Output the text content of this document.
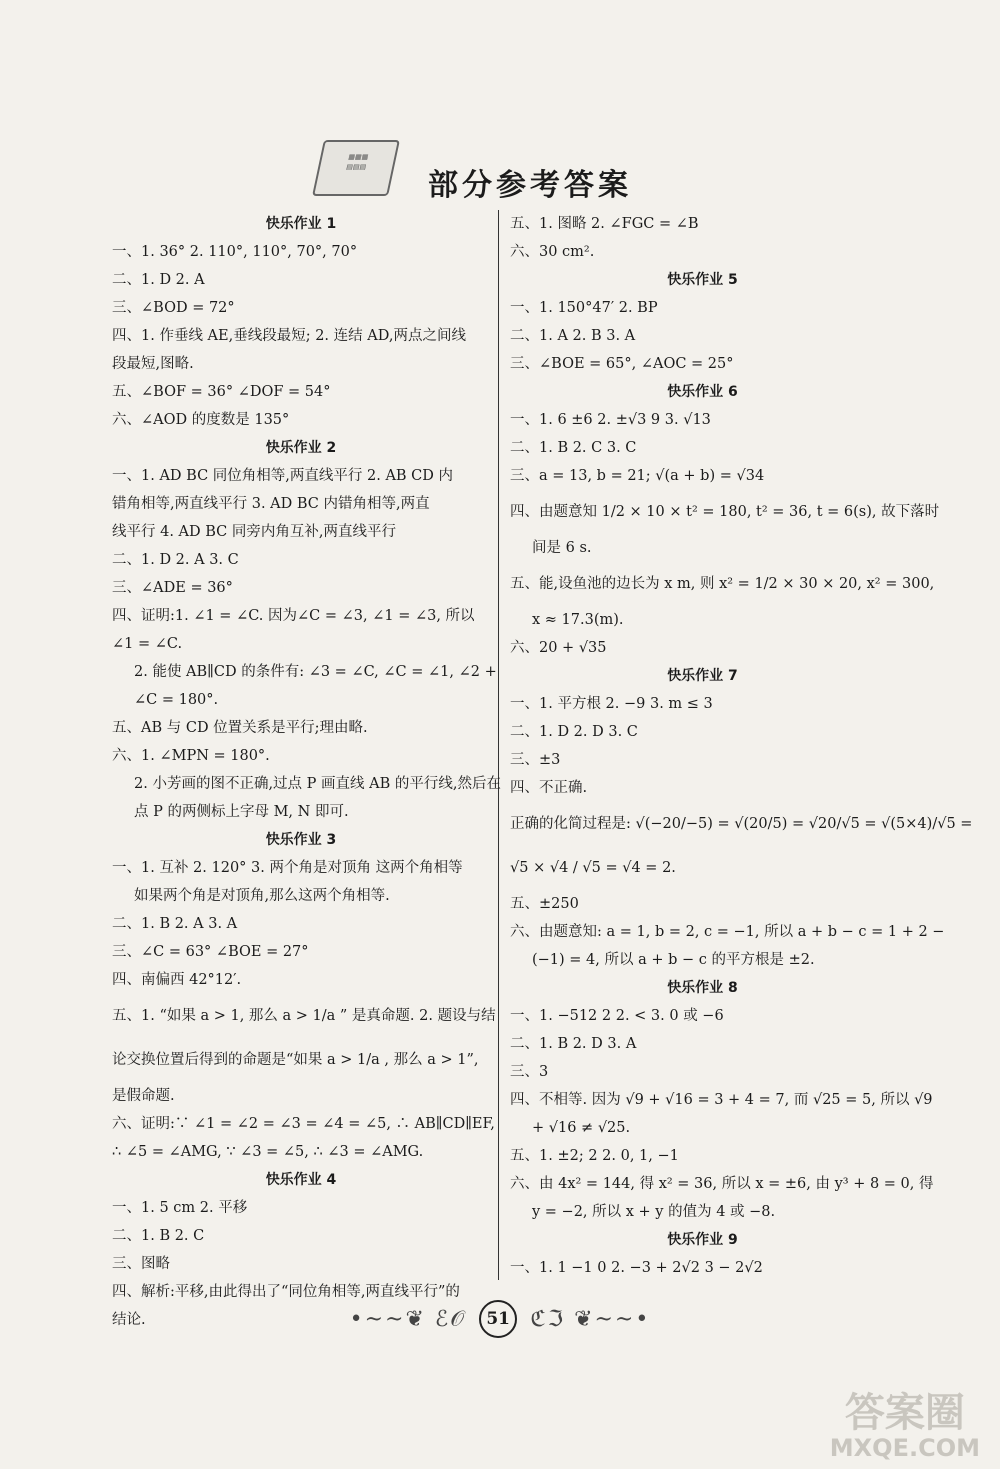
▦▦▦
▤▤▤
部分参考答案
快乐作业 1
一、1. 36° 2. 110°, 110°, 70°, 70°
二、1. D 2. A
三、∠BOD = 72°
四、1. 作垂线 AE,垂线段最短; 2. 连结 AD,两点之间线
段最短,图略.
五、∠BOF = 36° ∠DOF = 54°
六、∠AOD 的度数是 135°
快乐作业 2
一、1. AD BC 同位角相等,两直线平行 2. AB CD 内
错角相等,两直线平行 3. AD BC 内错角相等,两直
线平行 4. AD BC 同旁内角互补,两直线平行
二、1. D 2. A 3. C
三、∠ADE = 36°
四、证明:1. ∠1 = ∠C. 因为∠C = ∠3, ∠1 = ∠3, 所以
∠1 = ∠C.
2. 能使 AB∥CD 的条件有: ∠3 = ∠C, ∠C = ∠1, ∠2 +
∠C = 180°.
五、AB 与 CD 位置关系是平行;理由略.
六、1. ∠MPN = 180°.
2. 小芳画的图不正确,过点 P 画直线 AB 的平行线,然后在
点 P 的两侧标上字母 M, N 即可.
快乐作业 3
一、1. 互补 2. 120° 3. 两个角是对顶角 这两个角相等
如果两个角是对顶角,那么这两个角相等.
二、1. B 2. A 3. A
三、∠C = 63° ∠BOE = 27°
四、南偏西 42°12′.
五、1. “如果 a > 1, 那么 a > 1/a ” 是真命题. 2. 题设与结
论交换位置后得到的命题是“如果 a > 1/a , 那么 a > 1”,
是假命题.
六、证明:∵ ∠1 = ∠2 = ∠3 = ∠4 = ∠5, ∴ AB∥CD∥EF,
∴ ∠5 = ∠AMG, ∵ ∠3 = ∠5, ∴ ∠3 = ∠AMG.
快乐作业 4
一、1. 5 cm 2. 平移
二、1. B 2. C
三、图略
四、解析:平移,由此得出了“同位角相等,两直线平行”的
结论.
五、1. 图略 2. ∠FGC = ∠B
六、30 cm².
快乐作业 5
一、1. 150°47′ 2. BP
二、1. A 2. B 3. A
三、∠BOE = 65°, ∠AOC = 25°
快乐作业 6
一、1. 6 ±6 2. ±√3 9 3. √13
二、1. B 2. C 3. C
三、a = 13, b = 21; √(a + b) = √34
四、由题意知 1/2 × 10 × t² = 180, t² = 36, t = 6(s), 故下落时
间是 6 s.
五、能,设鱼池的边长为 x m, 则 x² = 1/2 × 30 × 20, x² = 300,
x ≈ 17.3(m).
六、20 + √35
快乐作业 7
一、1. 平方根 2. −9 3. m ≤ 3
二、1. D 2. D 3. C
三、±3
四、不正确.
正确的化简过程是: √(−20/−5) = √(20/5) = √20/√5 = √(5×4)/√5 =
√5 × √4 / √5 = √4 = 2.
五、±250
六、由题意知: a = 1, b = 2, c = −1, 所以 a + b − c = 1 + 2 −
(−1) = 4, 所以 a + b − c 的平方根是 ±2.
快乐作业 8
一、1. −512 2 2. < 3. 0 或 −6
二、1. B 2. D 3. A
三、3
四、不相等. 因为 √9 + √16 = 3 + 4 = 7, 而 √25 = 5, 所以 √9
+ √16 ≠ √25.
五、1. ±2; 2 2. 0, 1, −1
六、由 4x² = 144, 得 x² = 36, 所以 x = ±6, 由 y³ + 8 = 0, 得
y = −2, 所以 x + y 的值为 4 或 −8.
快乐作业 9
一、1. 1 −1 0 2. −3 + 2√2 3 − 2√2
•~~❦ ℰ𝒪 51 ℭℑ ❦~~•
答案圈
MXQE.COM
